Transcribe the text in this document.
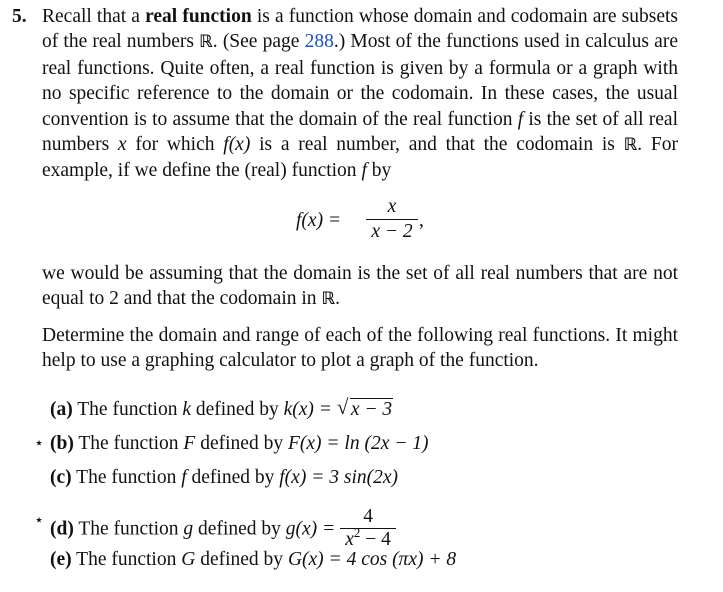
5. Recall that a real function is a function whose domain and codomain are subsets of the real numbers ℝ. (See page 288.) Most of the functions used in calculus are real functions. Quite often, a real function is given by a formula or a graph with no specific reference to the domain or the codomain. In these cases, the usual convention is to assume that the domain of the real function f is the set of all real numbers x for which f(x) is a real number, and that the codomain is ℝ. For example, if we define the (real) function f by
f(x) =
x
x − 2
,
we would be assuming that the domain is the set of all real numbers that are not equal to 2 and that the codomain in ℝ.
Determine the domain and range of each of the following real functions. It might help to use a graphing calculator to plot a graph of the function.
(a) The function k defined by k(x) = √ x − 3
⋆ (b) The function F defined by F(x) = ln (2x − 1)
(c) The function f defined by f(x) = 3 sin(2x)
⋆ (d) The function g defined by $g(x) = \frac{4}{x^2 - 4}$
(e) The function G defined by G(x) = 4 cos (πx) + 8
